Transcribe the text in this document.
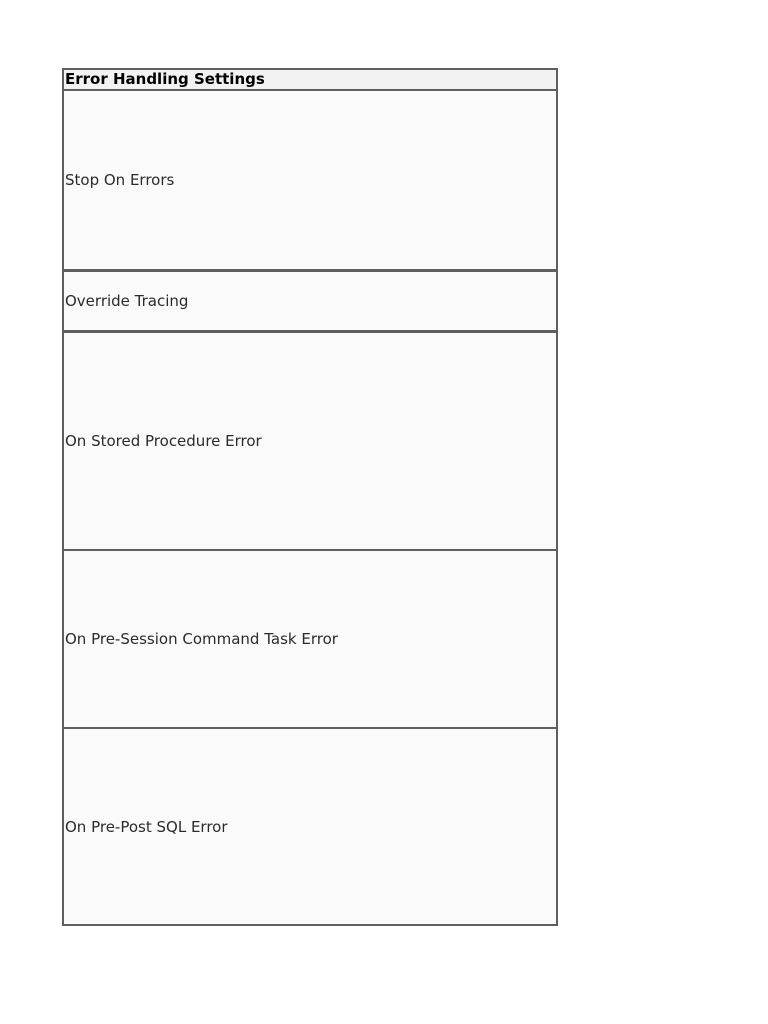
Error Handling Settings
Stop On Errors
Override Tracing
On Stored Procedure Error
On Pre-Session Command Task Error
On Pre-Post SQL Error
